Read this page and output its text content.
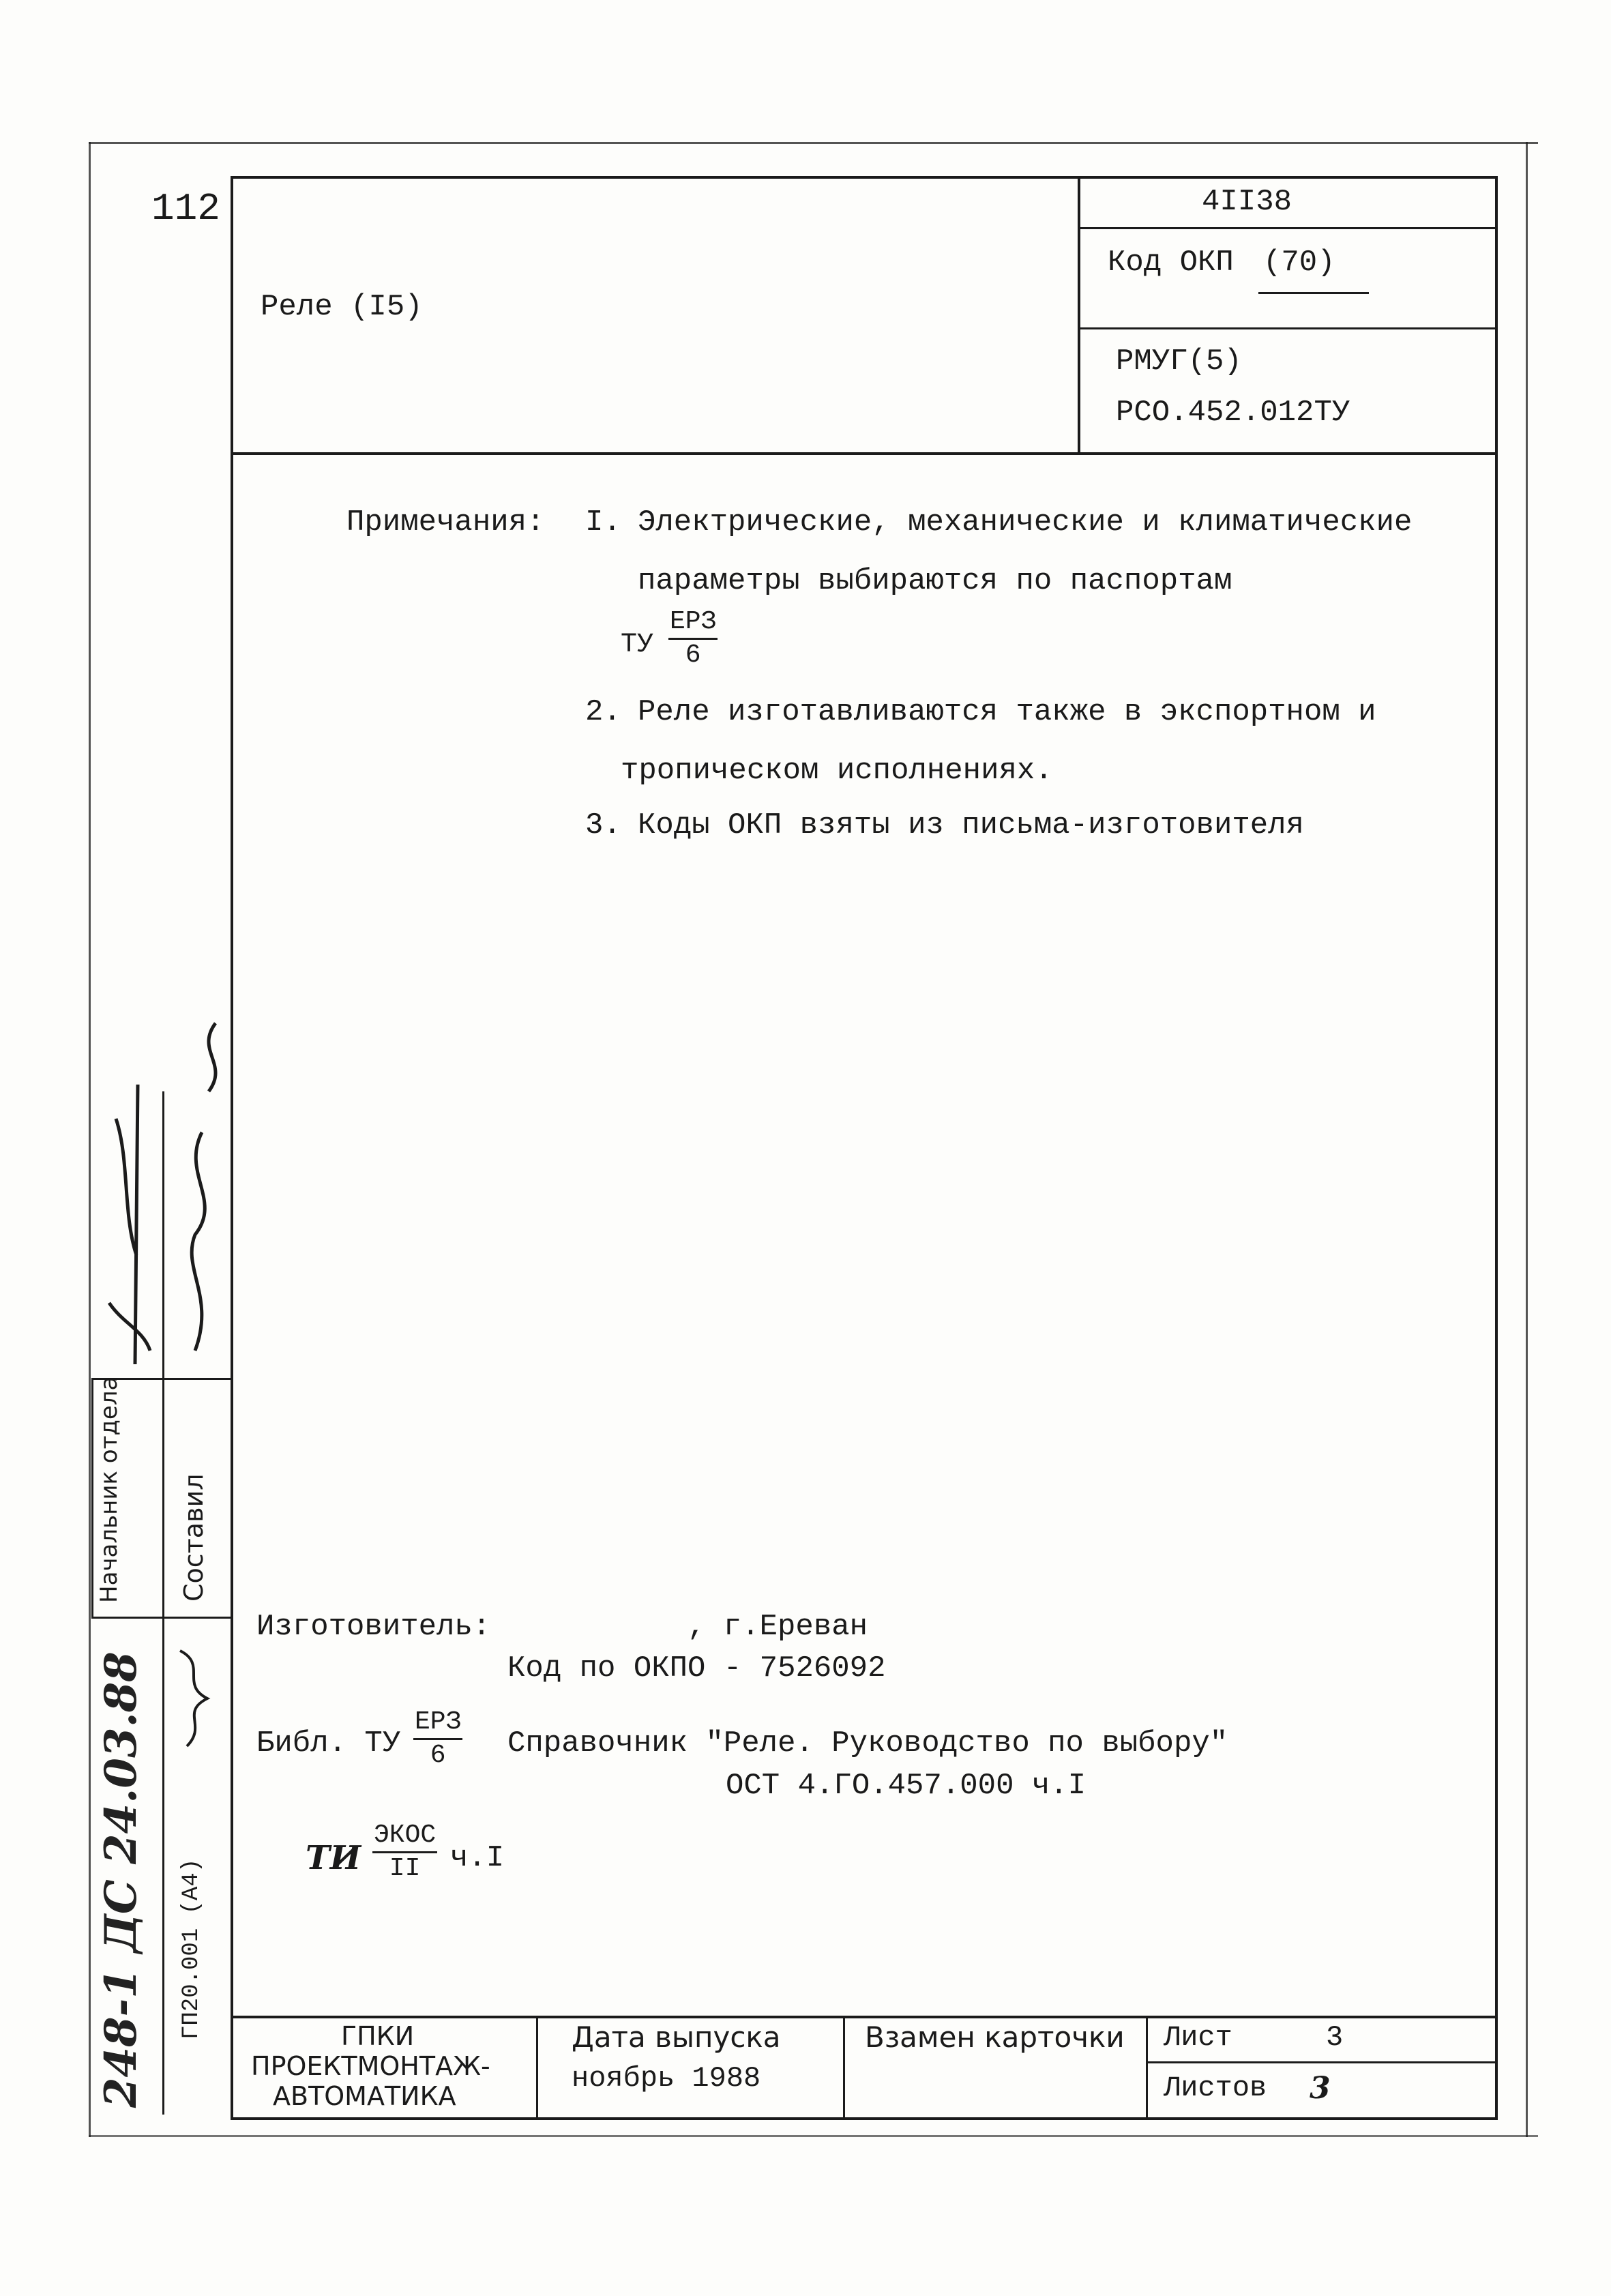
112
Реле (I5)
4II38
Код ОКП (70)
РМУГ(5)
РСО.452.012ТУ
Примечания: I. Электрические, механические и климатические
параметры выбираются по паспортам
ТУ
ЕРЗ
6
2. Реле изготавливаются также в экспортном и
тропическом исполнениях.
3. Коды ОКП взяты из письма-изготовителя
Изготовитель:	, г.Ереван
Код по ОКПО - 7526092
Библ. ТУ
ЕРЗ
6	Справочник "Реле. Руководство по выбору"
ОСТ 4.ГО.457.000 ч.I
ТИ
ЭКОС
II ч.I
ГПКИ
ПРОЕКТМОНТАЖ-
АВТОМАТИКА
Дата выпуска
ноябрь 1988
Взамен карточки Лист	3
Листов 3
Начальник отдела Составил
ГП20.001 (А4)
248-1 ДС 24.03.88
